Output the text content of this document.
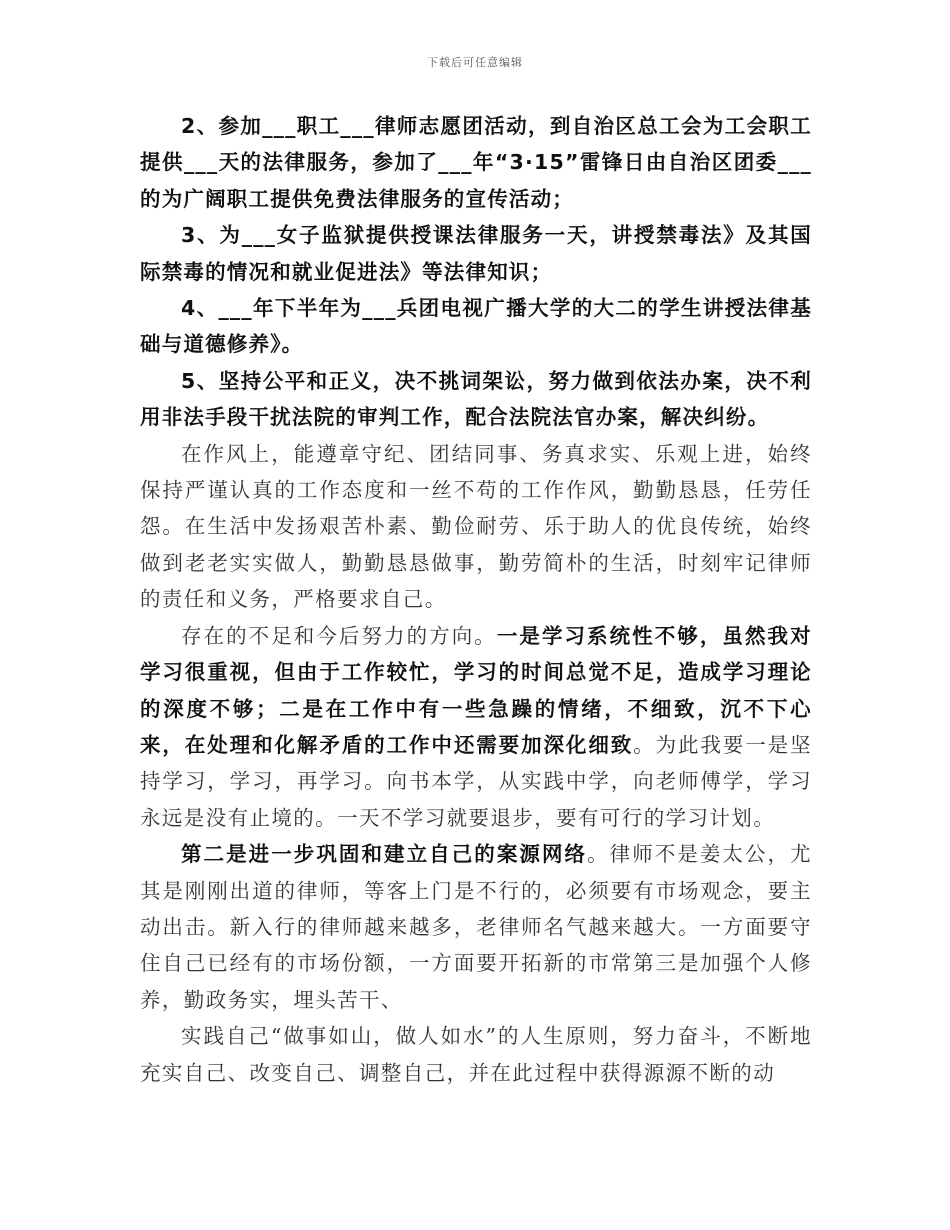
下载后可任意编辑

2、参加___职工___律师志愿团活动，到自治区总工会为工会职工提供___天的法律服务，参加了___年“3·15”雷锋日由自治区团委___的为广阔职工提供免费法律服务的宣传活动；

3、为___女子监狱提供授课法律服务一天，讲授禁毒法》及其国际禁毒的情况和就业促进法》等法律知识；

4、___年下半年为___兵团电视广播大学的大二的学生讲授法律基础与道德修养》。

5、坚持公平和正义，决不挑词架讼，努力做到依法办案，决不利用非法手段干扰法院的审判工作，配合法院法官办案，解决纠纷。

在作风上，能遵章守纪、团结同事、务真求实、乐观上进，始终保持严谨认真的工作态度和一丝不苟的工作作风，勤勤恳恳，任劳任怨。在生活中发扬艰苦朴素、勤俭耐劳、乐于助人的优良传统，始终做到老老实实做人，勤勤恳恳做事，勤劳简朴的生活，时刻牢记律师的责任和义务，严格要求自己。

存在的不足和今后努力的方向。一是学习系统性不够，虽然我对学习很重视，但由于工作较忙，学习的时间总觉不足，造成学习理论的深度不够；二是在工作中有一些急躁的情绪，不细致，沉不下心来，在处理和化解矛盾的工作中还需要加深化细致。为此我要一是坚持学习，学习，再学习。向书本学，从实践中学，向老师傅学，学习永远是没有止境的。一天不学习就要退步，要有可行的学习计划。

第二是进一步巩固和建立自己的案源网络。律师不是姜太公，尤其是刚刚出道的律师，等客上门是不行的，必须要有市场观念，要主动出击。新入行的律师越来越多，老律师名气越来越大。一方面要守住自己已经有的市场份额，一方面要开拓新的市常第三是加强个人修养，勤政务实，埋头苦干、

实践自己“做事如山，做人如水”的人生原则，努力奋斗，不断地充实自己、改变自己、调整自己，并在此过程中获得源源不断的动
